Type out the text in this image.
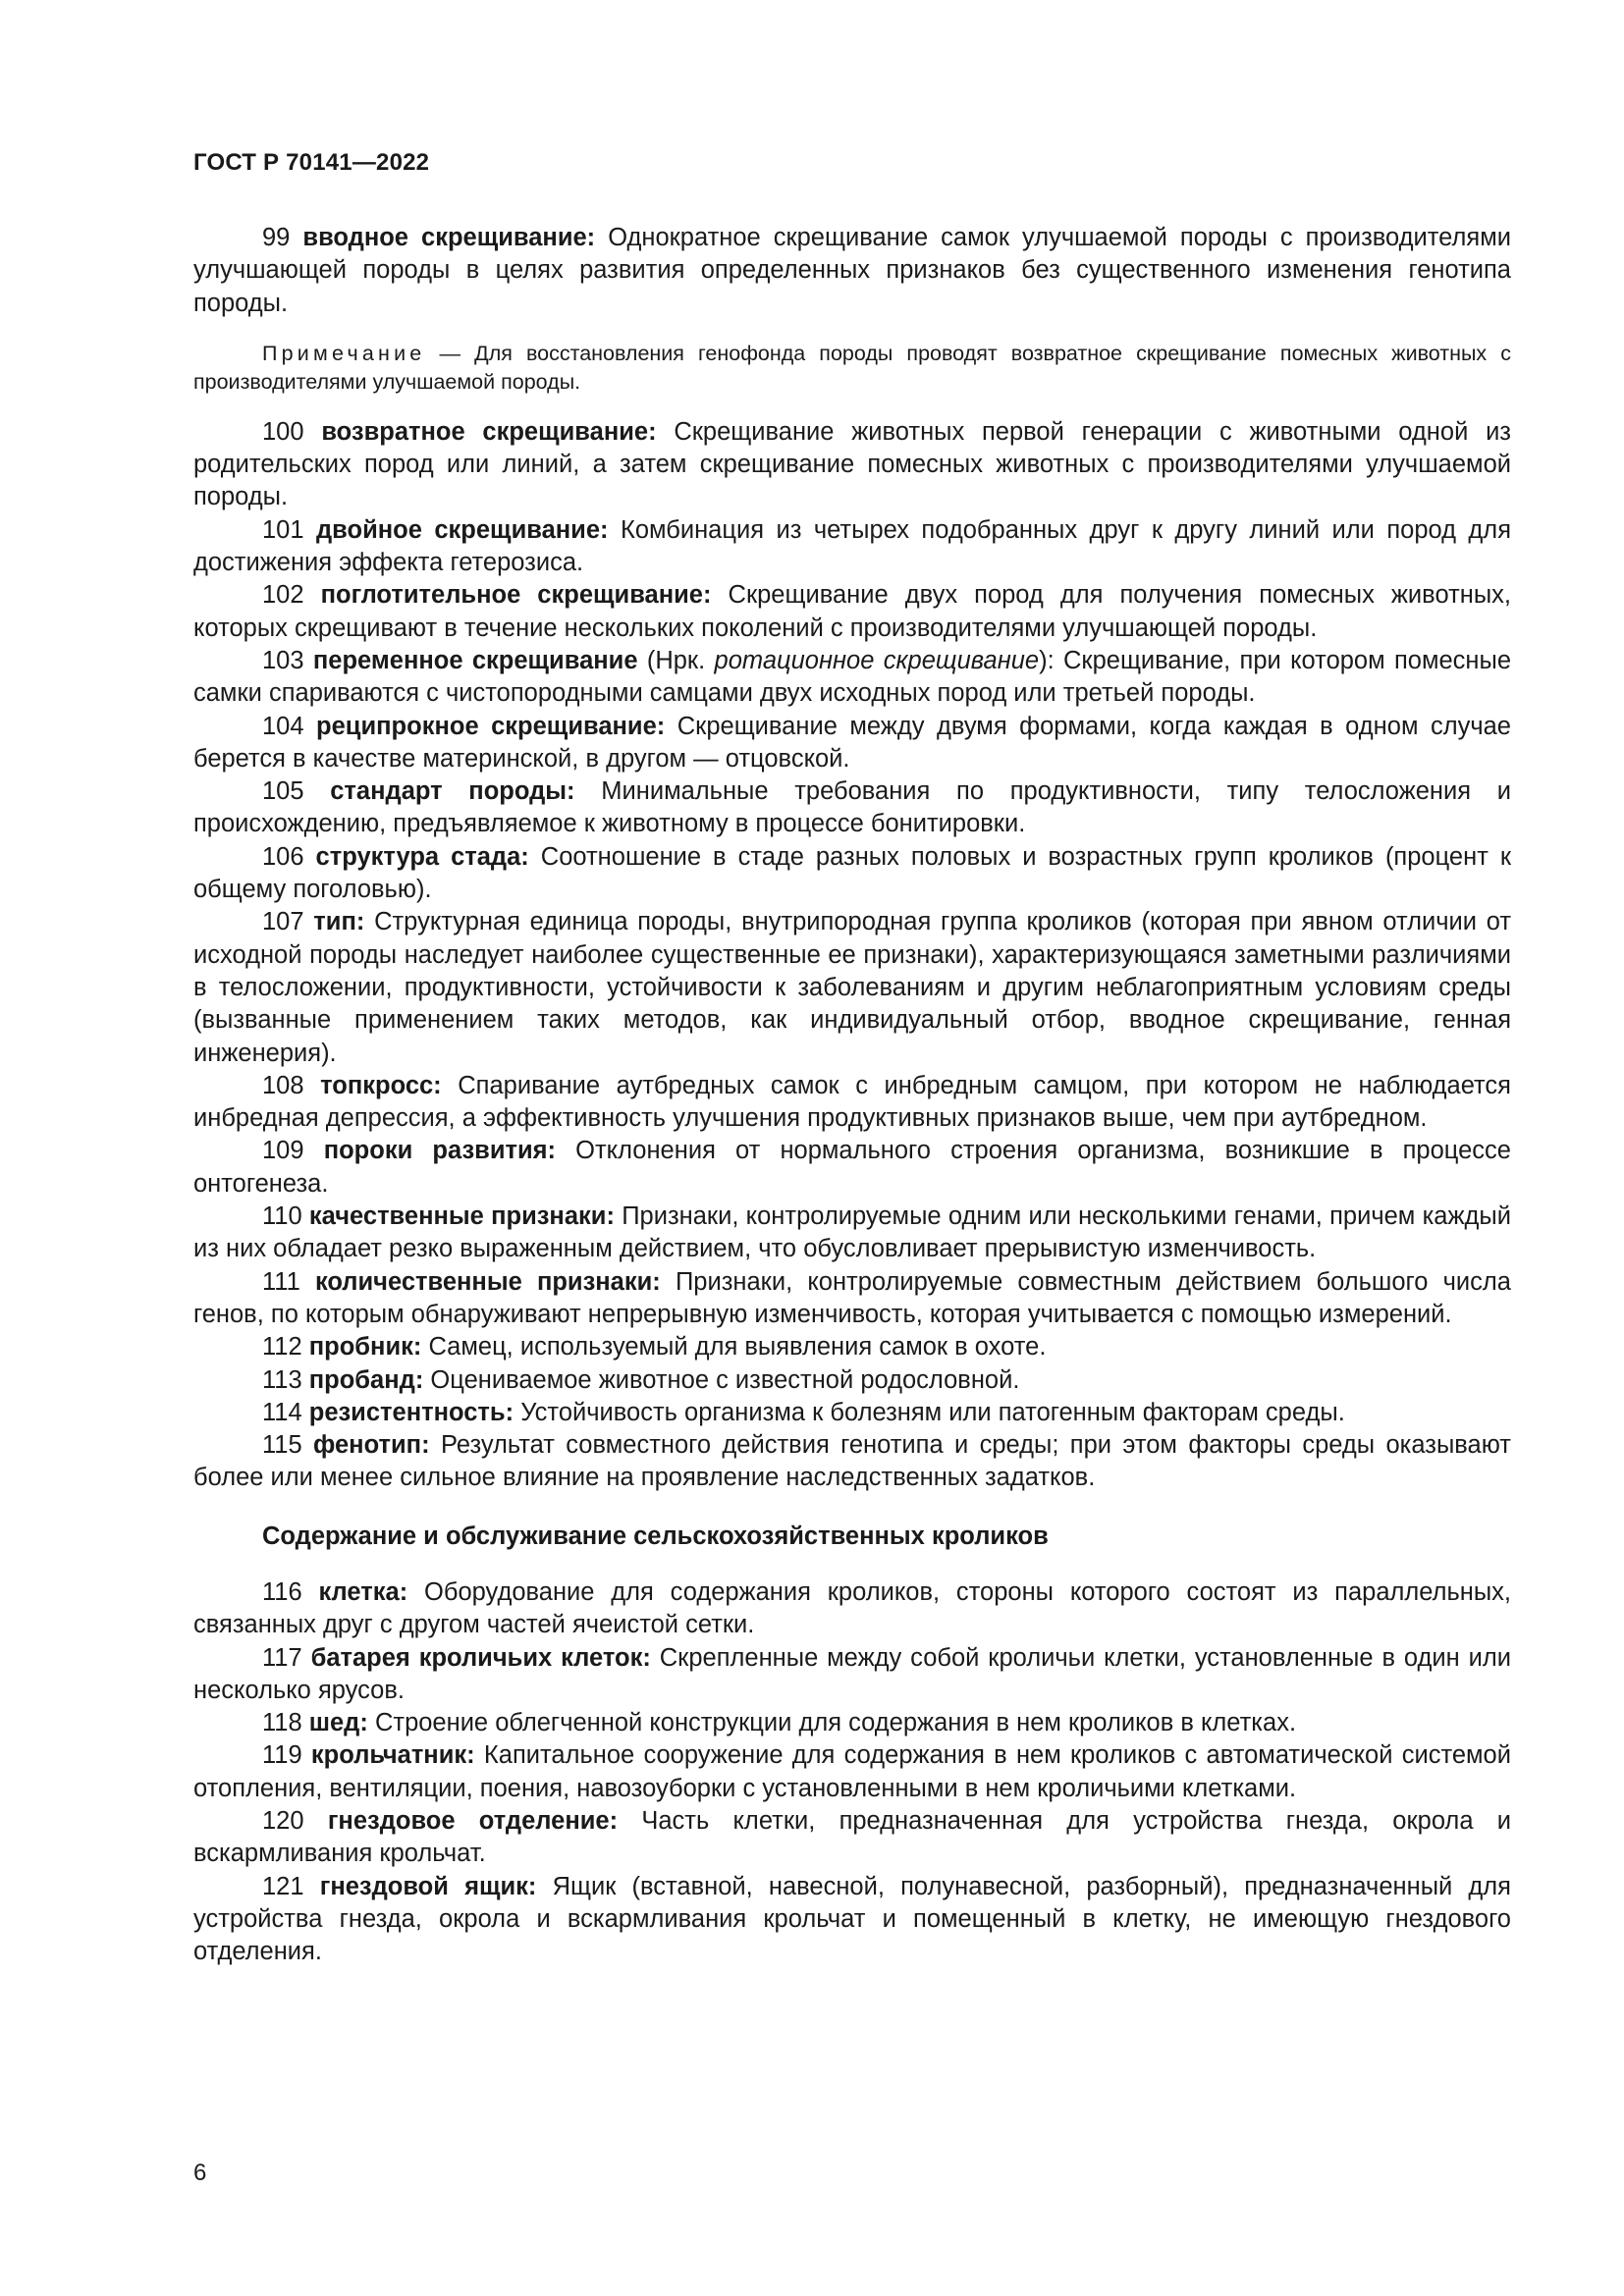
ГОСТ Р 70141—2022

99 вводное скрещивание: Однократное скрещивание самок улучшаемой породы с производителями улучшающей породы в целях развития определенных признаков без существенного изменения генотипа породы.

Примечание — Для восстановления генофонда породы проводят возвратное скрещивание помесных животных с производителями улучшаемой породы.

100 возвратное скрещивание: Скрещивание животных первой генерации с животными одной из родительских пород или линий, а затем скрещивание помесных животных с производителями улучшаемой породы.

101 двойное скрещивание: Комбинация из четырех подобранных друг к другу линий или пород для достижения эффекта гетерозиса.

102 поглотительное скрещивание: Скрещивание двух пород для получения помесных животных, которых скрещивают в течение нескольких поколений с производителями улучшающей породы.

103 переменное скрещивание (Нрк. ротационное скрещивание): Скрещивание, при котором помесные самки спариваются с чистопородными самцами двух исходных пород или третьей породы.

104 реципрокное скрещивание: Скрещивание между двумя формами, когда каждая в одном случае берется в качестве материнской, в другом — отцовской.

105 стандарт породы: Минимальные требования по продуктивности, типу телосложения и происхождению, предъявляемое к животному в процессе бонитировки.

106 структура стада: Соотношение в стаде разных половых и возрастных групп кроликов (процент к общему поголовью).

107 тип: Структурная единица породы, внутрипородная группа кроликов (которая при явном отличии от исходной породы наследует наиболее существенные ее признаки), характеризующаяся заметными различиями в телосложении, продуктивности, устойчивости к заболеваниям и другим неблагоприятным условиям среды (вызванные применением таких методов, как индивидуальный отбор, вводное скрещивание, генная инженерия).

108 топкросс: Спаривание аутбредных самок с инбредным самцом, при котором не наблюдается инбредная депрессия, а эффективность улучшения продуктивных признаков выше, чем при аутбредном.

109 пороки развития: Отклонения от нормального строения организма, возникшие в процессе онтогенеза.

110 качественные признаки: Признаки, контролируемые одним или несколькими генами, причем каждый из них обладает резко выраженным действием, что обусловливает прерывистую изменчивость.

111 количественные признаки: Признаки, контролируемые совместным действием большого числа генов, по которым обнаруживают непрерывную изменчивость, которая учитывается с помощью измерений.

112 пробник: Самец, используемый для выявления самок в охоте.

113 пробанд: Оцениваемое животное с известной родословной.

114 резистентность: Устойчивость организма к болезням или патогенным факторам среды.

115 фенотип: Результат совместного действия генотипа и среды; при этом факторы среды оказывают более или менее сильное влияние на проявление наследственных задатков.

Содержание и обслуживание сельскохозяйственных кроликов

116 клетка: Оборудование для содержания кроликов, стороны которого состоят из параллельных, связанных друг с другом частей ячеистой сетки.

117 батарея кроличьих клеток: Скрепленные между собой кроличьи клетки, установленные в один или несколько ярусов.

118 шед: Строение облегченной конструкции для содержания в нем кроликов в клетках.

119 крольчатник: Капитальное сооружение для содержания в нем кроликов с автоматической системой отопления, вентиляции, поения, навозоуборки с установленными в нем кроличьими клетками.

120 гнездовое отделение: Часть клетки, предназначенная для устройства гнезда, окрола и вскармливания крольчат.

121 гнездовой ящик: Ящик (вставной, навесной, полунавесной, разборный), предназначенный для устройства гнезда, окрола и вскармливания крольчат и помещенный в клетку, не имеющую гнездового отделения.

6
